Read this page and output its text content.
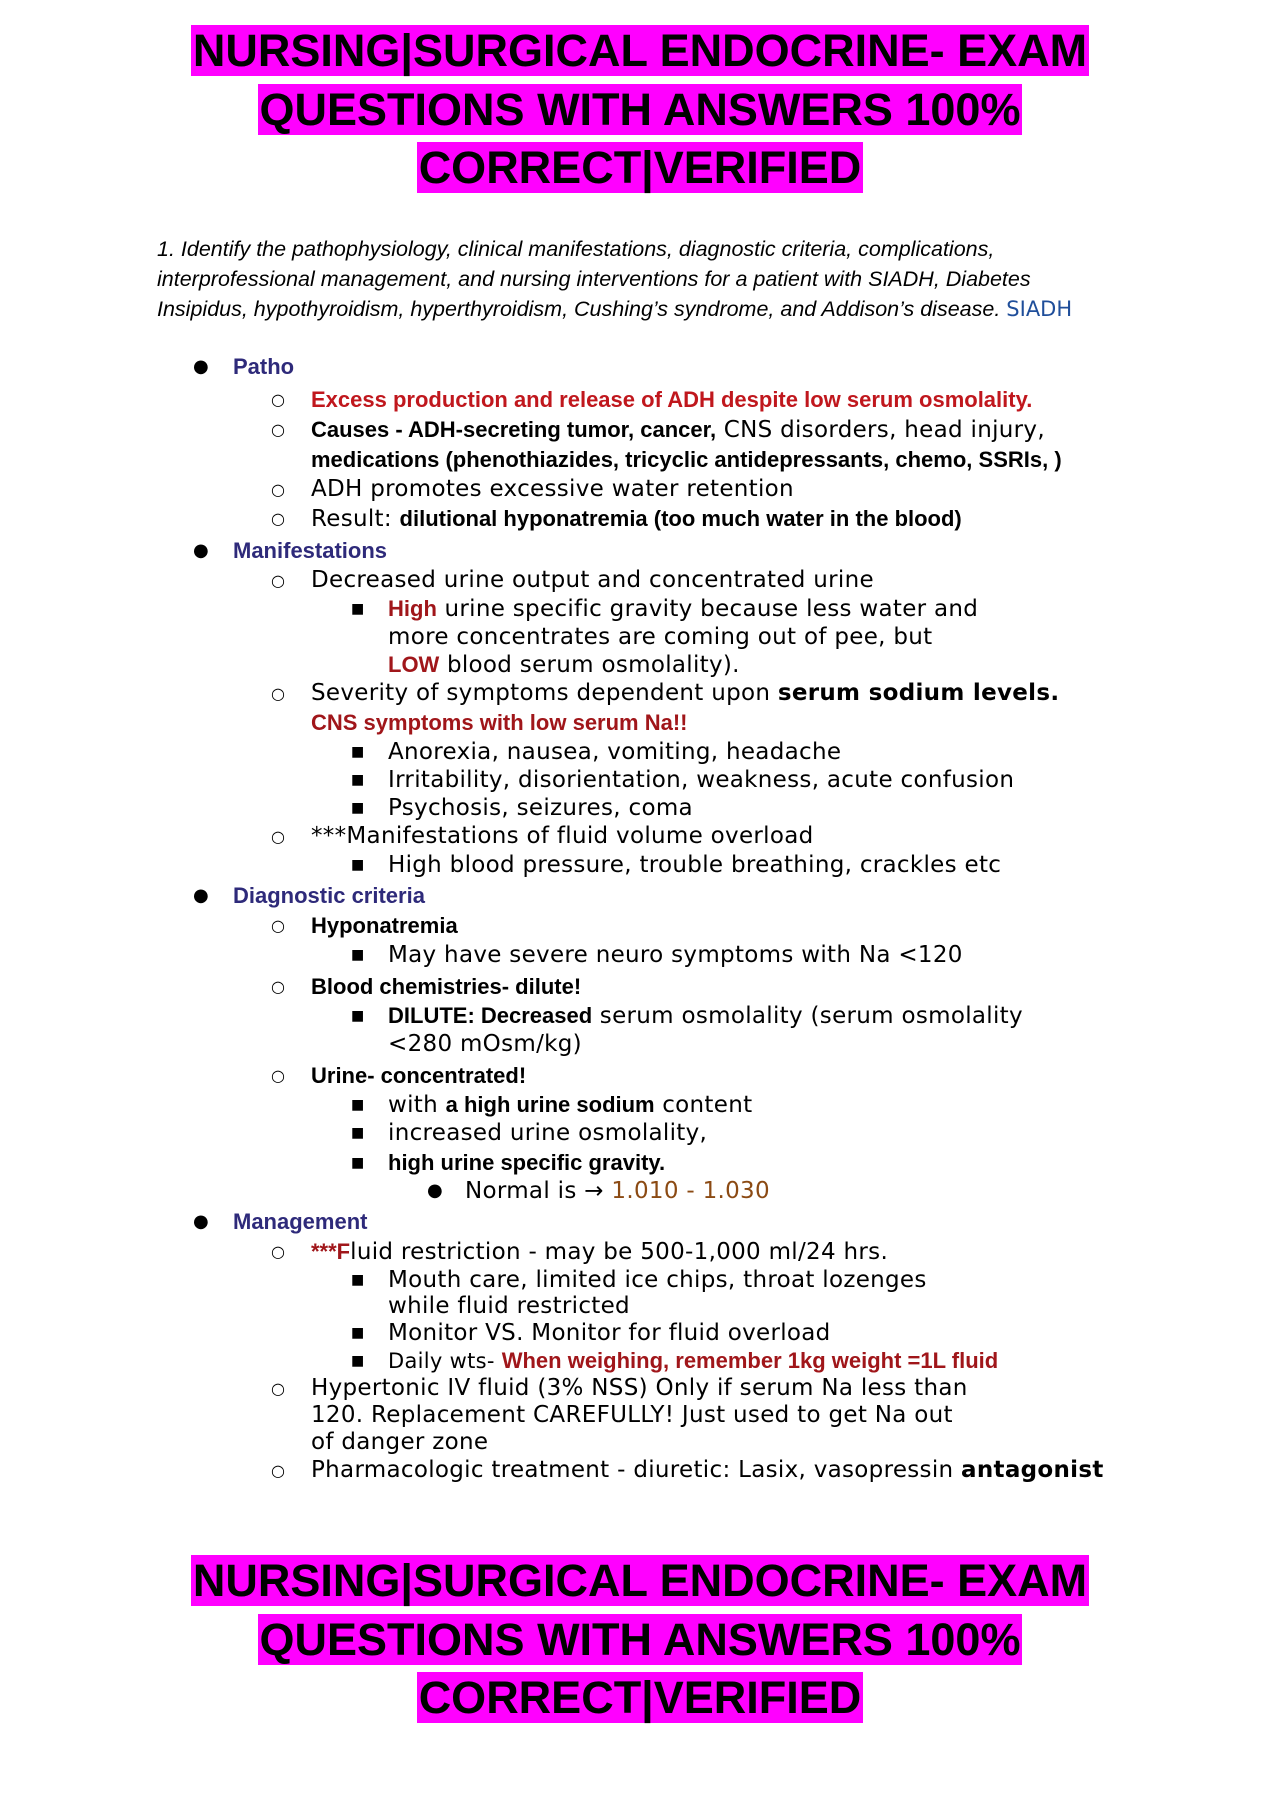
NURSING|SURGICAL ENDOCRINE- EXAM
QUESTIONS WITH ANSWERS 100%
CORRECT|VERIFIED
1. Identify the pathophysiology, clinical manifestations, diagnostic criteria, complications, interprofessional management, and nursing interventions for a patient with SIADH, Diabetes Insipidus, hypothyroidism, hyperthyroidism, Cushing’s syndrome, and Addison’s disease. SIADH
● Patho
○ Excess production and release of ADH despite low serum osmolality.
○ Causes - ADH-secreting tumor, cancer, CNS disorders, head injury,
medications (phenothiazides, tricyclic antidepressants, chemo, SSRIs, )
○ ADH promotes excessive water retention
○ Result: dilutional hyponatremia (too much water in the blood)
● Manifestations
○ Decreased urine output and concentrated urine
■ High urine specific gravity because less water and
more concentrates are coming out of pee, but
LOW blood serum osmolality).
○ Severity of symptoms dependent upon serum sodium levels.
CNS symptoms with low serum Na!!
■ Anorexia, nausea, vomiting, headache
■ Irritability, disorientation, weakness, acute confusion
■ Psychosis, seizures, coma
○ ***Manifestations of fluid volume overload
■ High blood pressure, trouble breathing, crackles etc
● Diagnostic criteria
○ Hyponatremia
■ May have severe neuro symptoms with Na <120
○ Blood chemistries- dilute!
■ DILUTE: Decreased serum osmolality (serum osmolality
<280 mOsm/kg)
○ Urine- concentrated!
■ with a high urine sodium content
■ increased urine osmolality,
■ high urine specific gravity.
● Normal is → 1.010 - 1.030
● Management
○ ***Fluid restriction - may be 500-1,000 ml/24 hrs.
■ Mouth care, limited ice chips, throat lozenges
while fluid restricted
■ Monitor VS. Monitor for fluid overload
■ Daily wts- When weighing, remember 1kg weight =1L fluid
○ Hypertonic IV fluid (3% NSS) Only if serum Na less than
120. Replacement CAREFULLY! Just used to get Na out
of danger zone
○ Pharmacologic treatment - diuretic: Lasix, vasopressin antagonist
NURSING|SURGICAL ENDOCRINE- EXAM
QUESTIONS WITH ANSWERS 100%
CORRECT|VERIFIED
